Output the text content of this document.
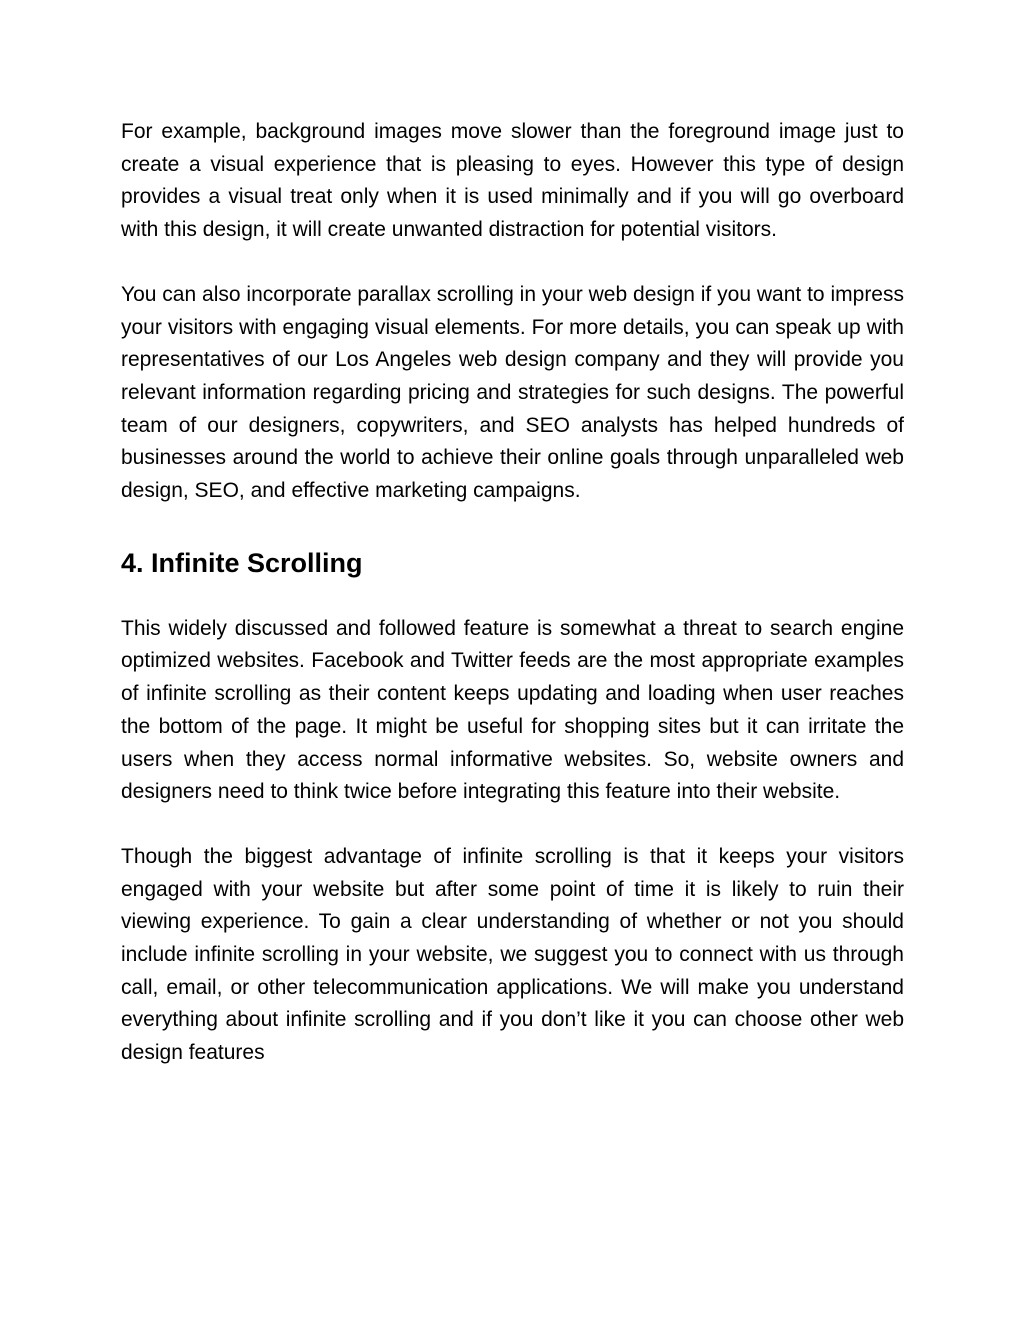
For example, background images move slower than the foreground image just to create a visual experience that is pleasing to eyes. However this type of design provides a visual treat only when it is used minimally and if you will go overboard with this design, it will create unwanted distraction for potential visitors.

You can also incorporate parallax scrolling in your web design if you want to impress your visitors with engaging visual elements. For more details, you can speak up with representatives of our Los Angeles web design company and they will provide you relevant information regarding pricing and strategies for such designs. The powerful team of our designers, copywriters, and SEO analysts has helped hundreds of businesses around the world to achieve their online goals through unparalleled web design, SEO, and effective marketing campaigns.

4. Infinite Scrolling

This widely discussed and followed feature is somewhat a threat to search engine optimized websites. Facebook and Twitter feeds are the most appropriate examples of infinite scrolling as their content keeps updating and loading when user reaches the bottom of the page. It might be useful for shopping sites but it can irritate the users when they access normal informative websites. So, website owners and designers need to think twice before integrating this feature into their website.

Though the biggest advantage of infinite scrolling is that it keeps your visitors engaged with your website but after some point of time it is likely to ruin their viewing experience. To gain a clear understanding of whether or not you should include infinite scrolling in your website, we suggest you to connect with us through call, email, or other telecommunication applications. We will make you understand everything about infinite scrolling and if you don’t like it you can choose other web design features
